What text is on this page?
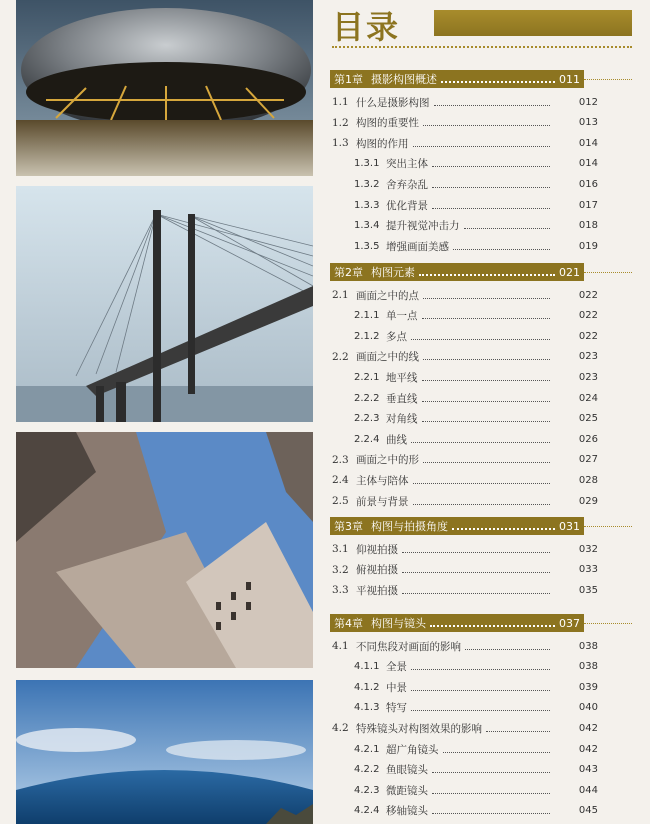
目录
第1章 摄影构图概述	011
1.1 什么是摄影构图	012
1.2 构图的重要性	013
1.3 构图的作用	014
1.3.1 突出主体	014
1.3.2 舍弃杂乱	016
1.3.3 优化背景	017
1.3.4 提升视觉冲击力	018
1.3.5 增强画面美感	019
第2章 构图元素	021
2.1 画面之中的点	022
2.1.1 单一点	022
2.1.2 多点	022
2.2 画面之中的线	023
2.2.1 地平线	023
2.2.2 垂直线	024
2.2.3 对角线	025
2.2.4 曲线	026
2.3 画面之中的形	027
2.4 主体与陪体	028
2.5 前景与背景	029
第3章 构图与拍摄角度	031
3.1 仰视拍摄	032
3.2 俯视拍摄	033
3.3 平视拍摄	035
第4章 构图与镜头	037
4.1 不同焦段对画面的影响	038
4.1.1 全景	038
4.1.2 中景	039
4.1.3 特写	040
4.2 特殊镜头对构图效果的影响	042
4.2.1 超广角镜头	042
4.2.2 鱼眼镜头	043
4.2.3 微距镜头	044
4.2.4 移轴镜头	045
